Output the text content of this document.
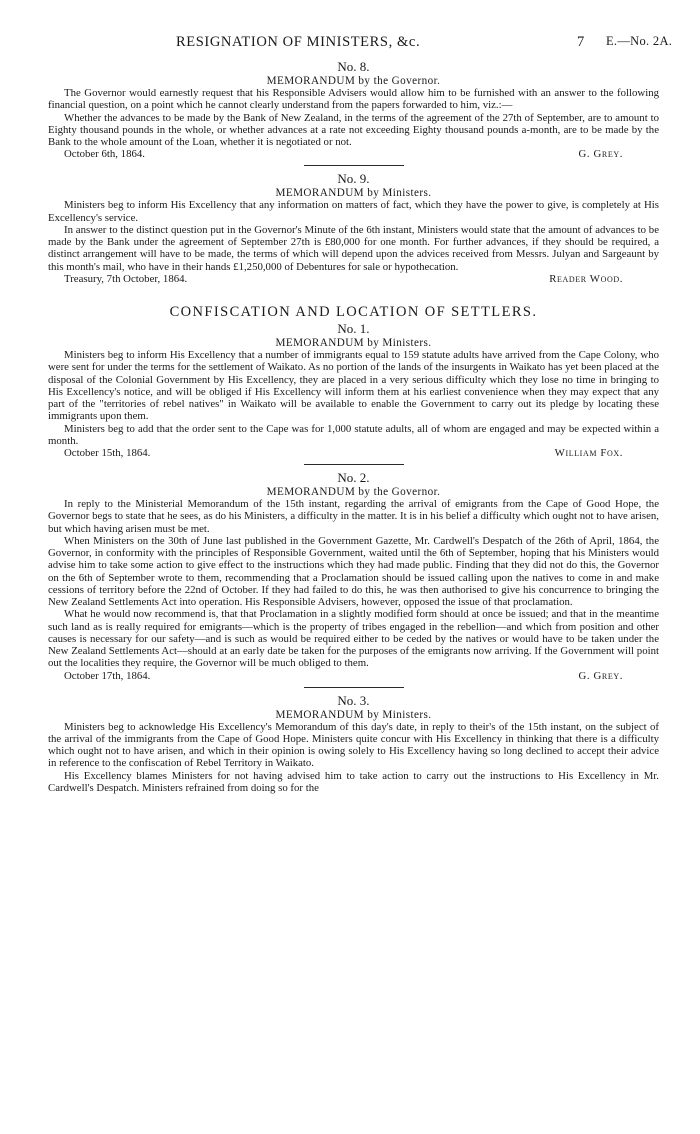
RESIGNATION OF MINISTERS, &c.	7 E.—No. 2A.
No. 8.
MEMORANDUM by the Governor.

The Governor would earnestly request that his Responsible Advisers would allow him to be furnished with an answer to the following financial question, on a point which he cannot clearly understand from the papers forwarded to him, viz.:—

Whether the advances to be made by the Bank of New Zealand, in the terms of the agreement of the 27th of September, are to amount to Eighty thousand pounds in the whole, or whether advances at a rate not exceeding Eighty thousand pounds a-month, are to be made by the Bank to the whole amount of the Loan, whether it is negotiated or not.

October 6th, 1864.	G. Grey.
No. 9.
MEMORANDUM by Ministers.

Ministers beg to inform His Excellency that any information on matters of fact, which they have the power to give, is completely at His Excellency's service.

In answer to the distinct question put in the Governor's Minute of the 6th instant, Ministers would state that the amount of advances to be made by the Bank under the agreement of September 27th is £80,000 for one month. For further advances, if they should be required, a distinct arrangement will have to be made, the terms of which will depend upon the advices received from Messrs. Julyan and Sargeaunt by this month's mail, who have in their hands £1,250,000 of Debentures for sale or hypothecation.

Treasury, 7th October, 1864.	Reader Wood.
CONFISCATION AND LOCATION OF SETTLERS.
No. 1.
MEMORANDUM by Ministers.

Ministers beg to inform His Excellency that a number of immigrants equal to 159 statute adults have arrived from the Cape Colony, who were sent for under the terms for the settlement of Waikato. As no portion of the lands of the insurgents in Waikato has yet been placed at the disposal of the Colonial Government by His Excellency, they are placed in a very serious difficulty which they lose no time in bringing to His Excellency's notice, and will be obliged if His Excellency will inform them at his earliest convenience when they may expect that any part of the "territories of rebel natives" in Waikato will be available to enable the Government to carry out its pledge by locating these immigrants upon them.

Ministers beg to add that the order sent to the Cape was for 1,000 statute adults, all of whom are engaged and may be expected within a month.

October 15th, 1864.	William Fox.
No. 2.
MEMORANDUM by the Governor.

In reply to the Ministerial Memorandum of the 15th instant, regarding the arrival of emigrants from the Cape of Good Hope, the Governor begs to state that he sees, as do his Ministers, a difficulty in the matter. It is in his belief a difficulty which ought not to have arisen, but which having arisen must be met.

When Ministers on the 30th of June last published in the Government Gazette, Mr. Cardwell's Despatch of the 26th of April, 1864, the Governor, in conformity with the principles of Responsible Government, waited until the 6th of September, hoping that his Ministers would advise him to take some action to give effect to the instructions which they had made public. Finding that they did not do this, the Governor on the 6th of September wrote to them, recommending that a Proclamation should be issued calling upon the natives to come in and make cessions of territory before the 22nd of October. If they had failed to do this, he was then authorised to give his concurrence to bringing the New Zealand Settlements Act into operation. His Responsible Advisers, however, opposed the issue of that proclamation.

What he would now recommend is, that that Proclamation in a slightly modified form should at once be issued; and that in the meantime such land as is really required for emigrants—which is the property of tribes engaged in the rebellion—and which from position and other causes is necessary for our safety—and is such as would be required either to be ceded by the natives or would have to be taken under the New Zealand Settlements Act—should at an early date be taken for the purposes of the emigrants now arriving. If the Government will point out the localities they require, the Governor will be much obliged to them.

October 17th, 1864.	G. Grey.
No. 3.
MEMORANDUM by Ministers.

Ministers beg to acknowledge His Excellency's Memorandum of this day's date, in reply to their's of the 15th instant, on the subject of the arrival of the immigrants from the Cape of Good Hope. Ministers quite concur with His Excellency in thinking that there is a difficulty which ought not to have arisen, and which in their opinion is owing solely to His Excellency having so long declined to accept their advice in reference to the confiscation of Rebel Territory in Waikato.

His Excellency blames Ministers for not having advised him to take action to carry out the instructions to His Excellency in Mr. Cardwell's Despatch. Ministers refrained from doing so for the
